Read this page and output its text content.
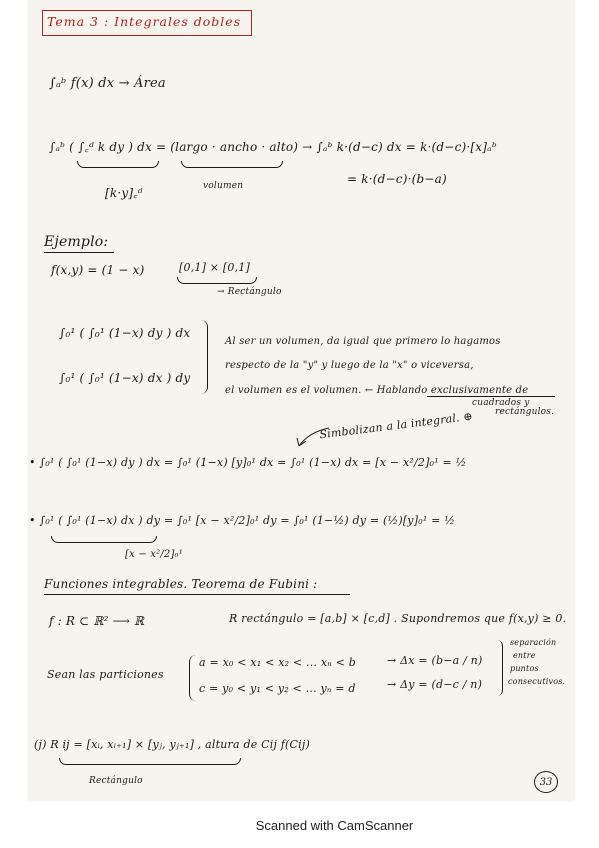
Tema 3 : Integrales dobles
∫ₐᵇ f(x) dx → Área
∫ₐᵇ ( ∫꜀ᵈ k dy ) dx = (largo · ancho · alto) → ∫ₐᵇ k·(d−c) dx = k·(d−c)·[x]ₐᵇ
[k·y]꜀ᵈ	volumen	= k·(d−c)·(b−a)
Ejemplo:
f(x,y) = (1 − x)	[0,1] × [0,1]
→ Rectángulo
∫₀¹ ( ∫₀¹ (1−x) dy ) dx
∫₀¹ ( ∫₀¹ (1−x) dx ) dy
Al ser un volumen, da igual que primero lo hagamos
respecto de la "y" y luego de la "x" o viceversa,
el volumen es el volumen. ← Hablando exclusivamente de
cuadrados y
rectángulos.
Simbolizan a la integral. ⊕
• ∫₀¹ ( ∫₀¹ (1−x) dy ) dx = ∫₀¹ (1−x) [y]₀¹ dx = ∫₀¹ (1−x) dx = [x − x²/2]₀¹ = ½
• ∫₀¹ ( ∫₀¹ (1−x) dx ) dy = ∫₀¹ [x − x²/2]₀¹ dy = ∫₀¹ (1−½) dy = (½)[y]₀¹ = ½
[x − x²/2]₀¹
Funciones integrables. Teorema de Fubini :
f : R ⊂ ℝ² ⟶ ℝ	R rectángulo = [a,b] × [c,d] . Supondremos que f(x,y) ≥ 0.
Sean las particiones
a = x₀ < x₁ < x₂ < ... xₙ < b
c = y₀ < y₁ < y₂ < ... yₙ = d
→ Δx = (b−a / n)
→ Δy = (d−c / n)
separación
entre
puntos
consecutivos.
(j) R ij = [xᵢ, xᵢ₊₁] × [yⱼ, yⱼ₊₁] , altura de Cij f(Cij)
Rectángulo	33
Scanned with CamScanner
